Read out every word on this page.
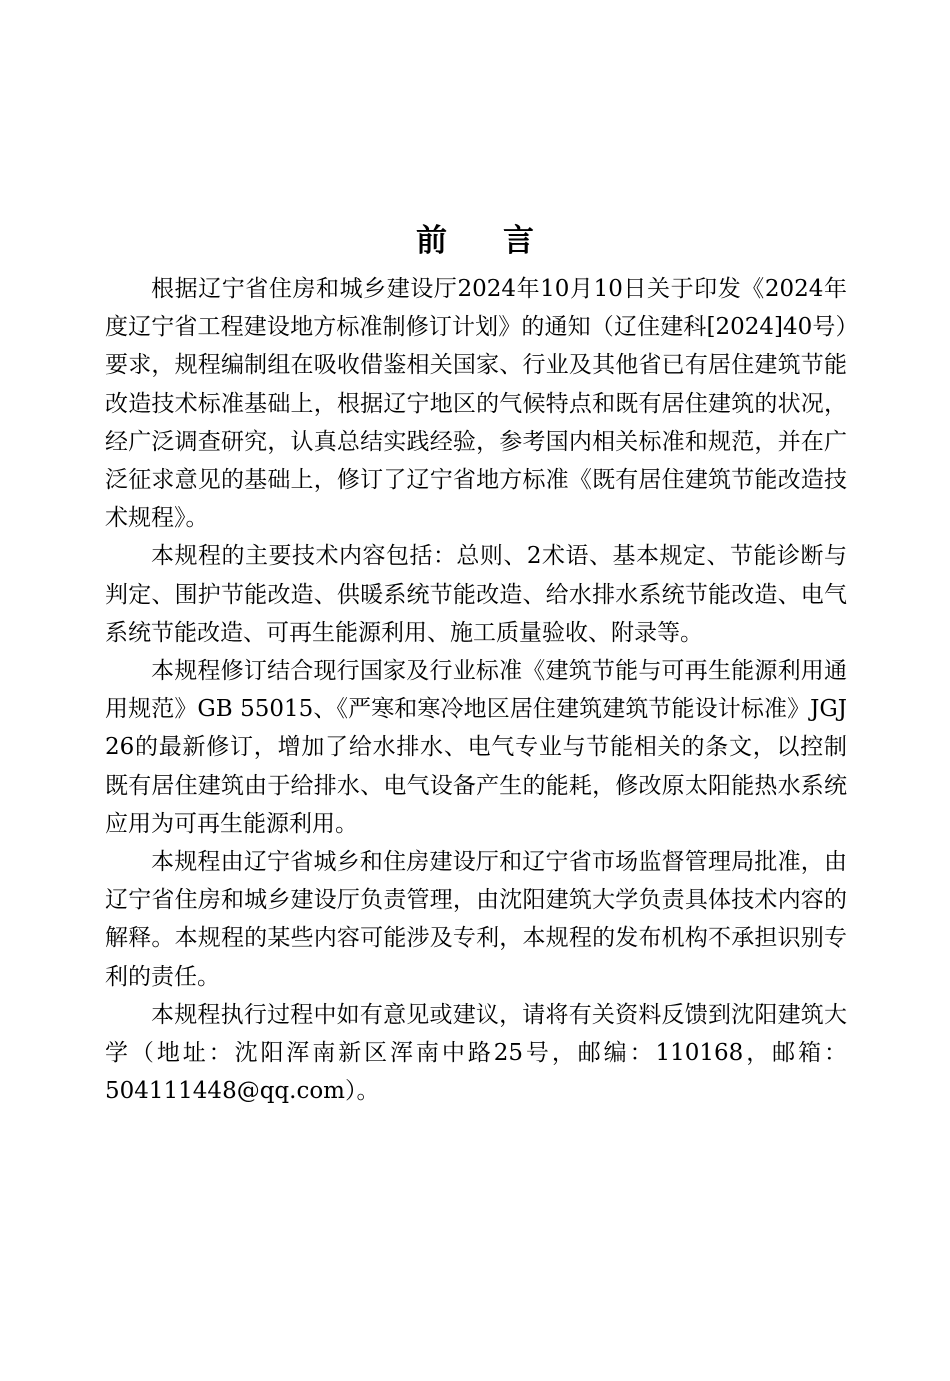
前言

根据辽宁省住房和城乡建设厅2024年10月10日关于印发《2024年度辽宁省工程建设地方标准制修订计划》的通知（辽住建科[2024]40号）要求，规程编制组在吸收借鉴相关国家、行业及其他省已有居住建筑节能改造技术标准基础上，根据辽宁地区的气候特点和既有居住建筑的状况，经广泛调查研究，认真总结实践经验，参考国内相关标准和规范，并在广泛征求意见的基础上，修订了辽宁省地方标准《既有居住建筑节能改造技术规程》。

本规程的主要技术内容包括：总则、2术语、基本规定、节能诊断与判定、围护节能改造、供暖系统节能改造、给水排水系统节能改造、电气系统节能改造、可再生能源利用、施工质量验收、附录等。

本规程修订结合现行国家及行业标准《建筑节能与可再生能源利用通用规范》GB 55015、《严寒和寒冷地区居住建筑建筑节能设计标准》JGJ 26的最新修订，增加了给水排水、电气专业与节能相关的条文，以控制既有居住建筑由于给排水、电气设备产生的能耗，修改原太阳能热水系统应用为可再生能源利用。

本规程由辽宁省城乡和住房建设厅和辽宁省市场监督管理局批准，由辽宁省住房和城乡建设厅负责管理，由沈阳建筑大学负责具体技术内容的解释。本规程的某些内容可能涉及专利，本规程的发布机构不承担识别专利的责任。

本规程执行过程中如有意见或建议，请将有关资料反馈到沈阳建筑大学（地址：沈阳浑南新区浑南中路25号，邮编：110168，邮箱：504111448@qq.com）。
